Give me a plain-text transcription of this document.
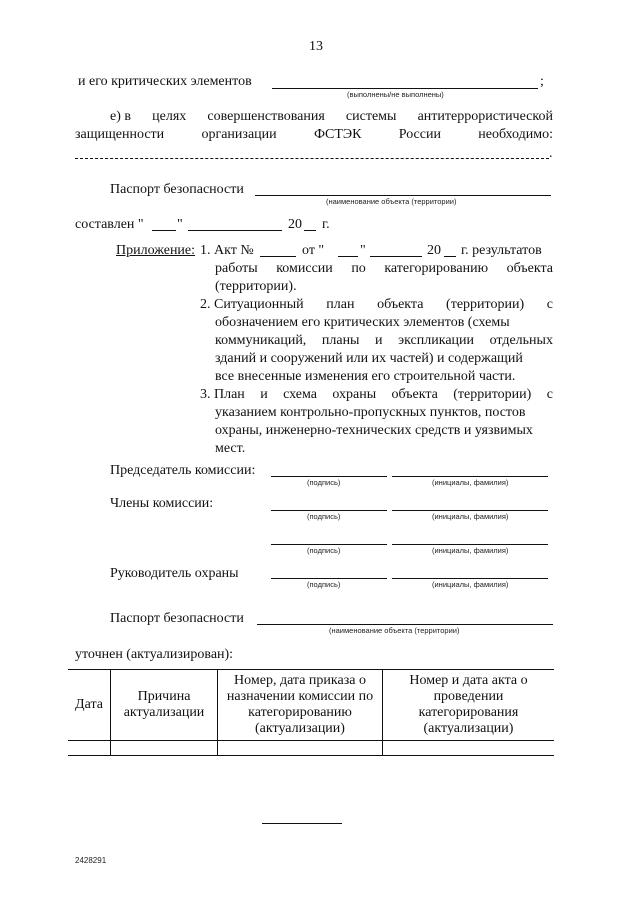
13
и его критических элементов	;
(выполнены/не выполнены)
е) в целях совершенствования системы антитеррористической
защищенности	организации	ФСТЭК	России	необходимо:
.
Паспорт безопасности
(наименование объекта (территории)
составлен " "	20 г.
Приложение: 1. Акт №	от "	"	20 г. результатов
работы комиссии по категорированию объекта
(территории).
2. Ситуационный план объекта (территории) с
обозначением его критических элементов (схемы
коммуникаций, планы и экспликации отдельных
зданий и сооружений или их частей) и содержащий
все внесенные изменения его строительной части.
3. План и схема охраны объекта (территории) с
указанием контрольно-пропускных пунктов, постов
охраны, инженерно-технических средств и уязвимых
мест.
Председатель комиссии:
(подпись)	(инициалы, фамилия)
Члены комиссии:
(подпись)	(инициалы, фамилия)
(подпись)	(инициалы, фамилия)
Руководитель охраны
(подпись)	(инициалы, фамилия)
Паспорт безопасности
(наименование объекта (территории)
уточнен (актуализирован):
Дата	Причина актуализации	Номер, дата приказа о назначении комиссии по категорированию (актуализации)	Номер и дата акта о проведении категорирования (актуализации)

2428291
